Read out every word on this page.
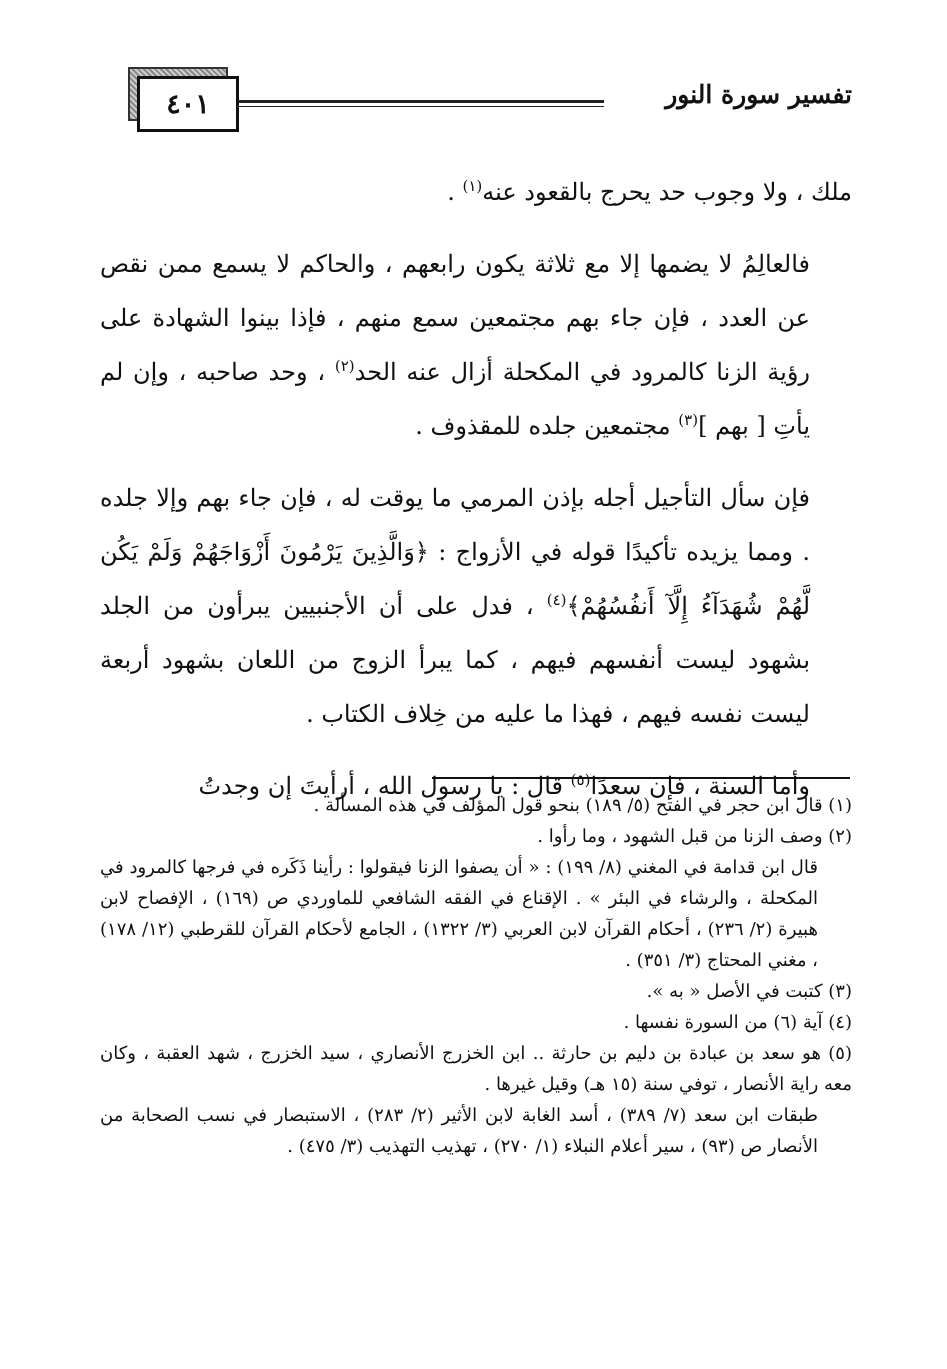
تفسير سورة النور
٤٠١

ملك ، ولا وجوب حد يحرج بالقعود عنه$^{(١)}$ .

فالعالِمُ لا يضمها إلا مع ثلاثة يكون رابعهم ، والحاكم لا يسمع ممن نقص عن العدد ، فإن جاء بهم مجتمعين سمع منهم ، فإذا بينوا الشهادة على رؤية الزنا كالمرود في المكحلة أزال عنه الحد$^{(٢)}$ ، وحد صاحبه ، وإن لم يأتِ [ بهم ]$^{(٣)}$ مجتمعين جلده للمقذوف .

فإن سأل التأجيل أجله بإذن المرمي ما يوقت له ، فإن جاء بهم وإلا جلده . ومما يزيده تأكيدًا قوله في الأزواج : ﴿وَالَّذِينَ يَرْمُونَ أَزْوَاجَهُمْ وَلَمْ يَكُن لَّهُمْ شُهَدَآءُ إِلَّآ أَنفُسُهُمْ﴾$^{(٤)}$ ، فدل على أن الأجنبيين يبرأون من الجلد بشهود ليست أنفسهم فيهم ، كما يبرأ الزوج من اللعان بشهود أربعة ليست نفسه فيهم ، فهذا ما عليه من خِلاف الكتاب .

وأما السنة ، فإن سعدًا$^{(٥)}$ قال : يا رسول الله ، أرأيتَ إن وجدتُ

(١) قال ابن حجر في الفتح (٥/ ١٨٩) بنحو قول المؤلف في هذه المسألة .

(٢) وصف الزنا من قبل الشهود ، وما رأوا .

قال ابن قدامة في المغني (٨/ ١٩٩) : « أن يصفوا الزنا فيقولوا : رأينا ذَكَره في فرجها كالمرود في المكحلة ، والرشاء في البئر » . الإقناع في الفقه الشافعي للماوردي ص (١٦٩) ، الإفصاح لابن هبيرة (٢/ ٢٣٦) ، أحكام القرآن لابن العربي (٣/ ١٣٢٢) ، الجامع لأحكام القرآن للقرطبي (١٢/ ١٧٨) ، مغني المحتاج (٣/ ٣٥١) .

(٣) كتبت في الأصل « به ».

(٤) آية (٦) من السورة نفسها .

(٥) هو سعد بن عبادة بن دليم بن حارثة .. ابن الخزرج الأنصاري ، سيد الخزرج ، شهد العقبة ، وكان معه راية الأنصار ، توفي سنة (١٥ هـ) وقيل غيرها .

طبقات ابن سعد (٧/ ٣٨٩) ، أسد الغابة لابن الأثير (٢/ ٢٨٣) ، الاستبصار في نسب الصحابة من الأنصار ص (٩٣) ، سير أعلام النبلاء (١/ ٢٧٠) ، تهذيب التهذيب (٣/ ٤٧٥) .
